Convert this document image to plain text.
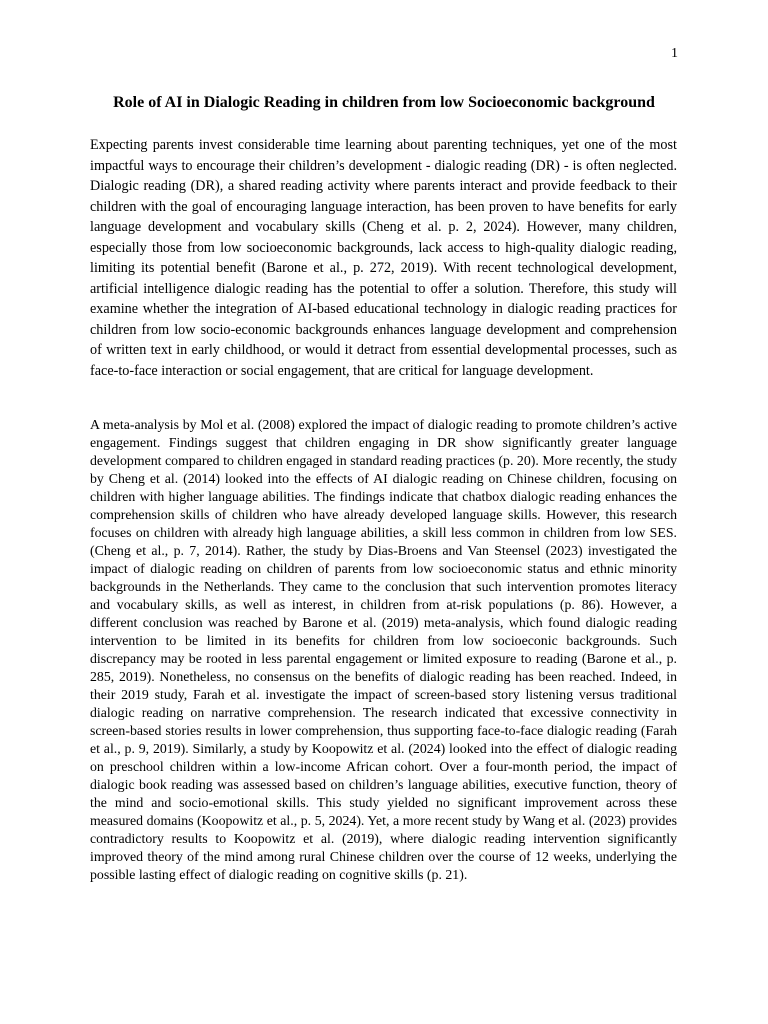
1
Role of AI in Dialogic Reading in children from low Socioeconomic background

Expecting parents invest considerable time learning about parenting techniques, yet one of the most impactful ways to encourage their children’s development - dialogic reading (DR) - is often neglected. Dialogic reading (DR), a shared reading activity where parents interact and provide feedback to their children with the goal of encouraging language interaction, has been proven to have benefits for early language development and vocabulary skills (Cheng et al. p. 2, 2024). However, many children, especially those from low socioeconomic backgrounds, lack access to high-quality dialogic reading, limiting its potential benefit (Barone et al., p. 272, 2019). With recent technological development, artificial intelligence dialogic reading has the potential to offer a solution. Therefore, this study will examine whether the integration of AI-based educational technology in dialogic reading practices for children from low socio-economic backgrounds enhances language development and comprehension of written text in early childhood, or would it detract from essential developmental processes, such as face-to-face interaction or social engagement, that are critical for language development.

A meta-analysis by Mol et al. (2008) explored the impact of dialogic reading to promote children’s active engagement. Findings suggest that children engaging in DR show significantly greater language development compared to children engaged in standard reading practices (p. 20). More recently, the study by Cheng et al. (2014) looked into the effects of AI dialogic reading on Chinese children, focusing on children with higher language abilities. The findings indicate that chatbox dialogic reading enhances the comprehension skills of children who have already developed language skills. However, this research focuses on children with already high language abilities, a skill less common in children from low SES. (Cheng et al., p. 7, 2014). Rather, the study by Dias-Broens and Van Steensel (2023) investigated the impact of dialogic reading on children of parents from low socioeconomic status and ethnic minority backgrounds in the Netherlands. They came to the conclusion that such intervention promotes literacy and vocabulary skills, as well as interest, in children from at-risk populations (p. 86). However, a different conclusion was reached by Barone et al. (2019) meta-analysis, which found dialogic reading intervention to be limited in its benefits for children from low socioeconic backgrounds. Such discrepancy may be rooted in less parental engagement or limited exposure to reading (Barone et al., p. 285, 2019). Nonetheless, no consensus on the benefits of dialogic reading has been reached. Indeed, in their 2019 study, Farah et al. investigate the impact of screen-based story listening versus traditional dialogic reading on narrative comprehension. The research indicated that excessive connectivity in screen-based stories results in lower comprehension, thus supporting face-to-face dialogic reading (Farah et al., p. 9, 2019). Similarly, a study by Koopowitz et al. (2024) looked into the effect of dialogic reading on preschool children within a low-income African cohort. Over a four-month period, the impact of dialogic book reading was assessed based on children’s language abilities, executive function, theory of the mind and socio-emotional skills. This study yielded no significant improvement across these measured domains (Koopowitz et al., p. 5, 2024). Yet, a more recent study by Wang et al. (2023) provides contradictory results to Koopowitz et al. (2019), where dialogic reading intervention significantly improved theory of the mind among rural Chinese children over the course of 12 weeks, underlying the possible lasting effect of dialogic reading on cognitive skills (p. 21).
